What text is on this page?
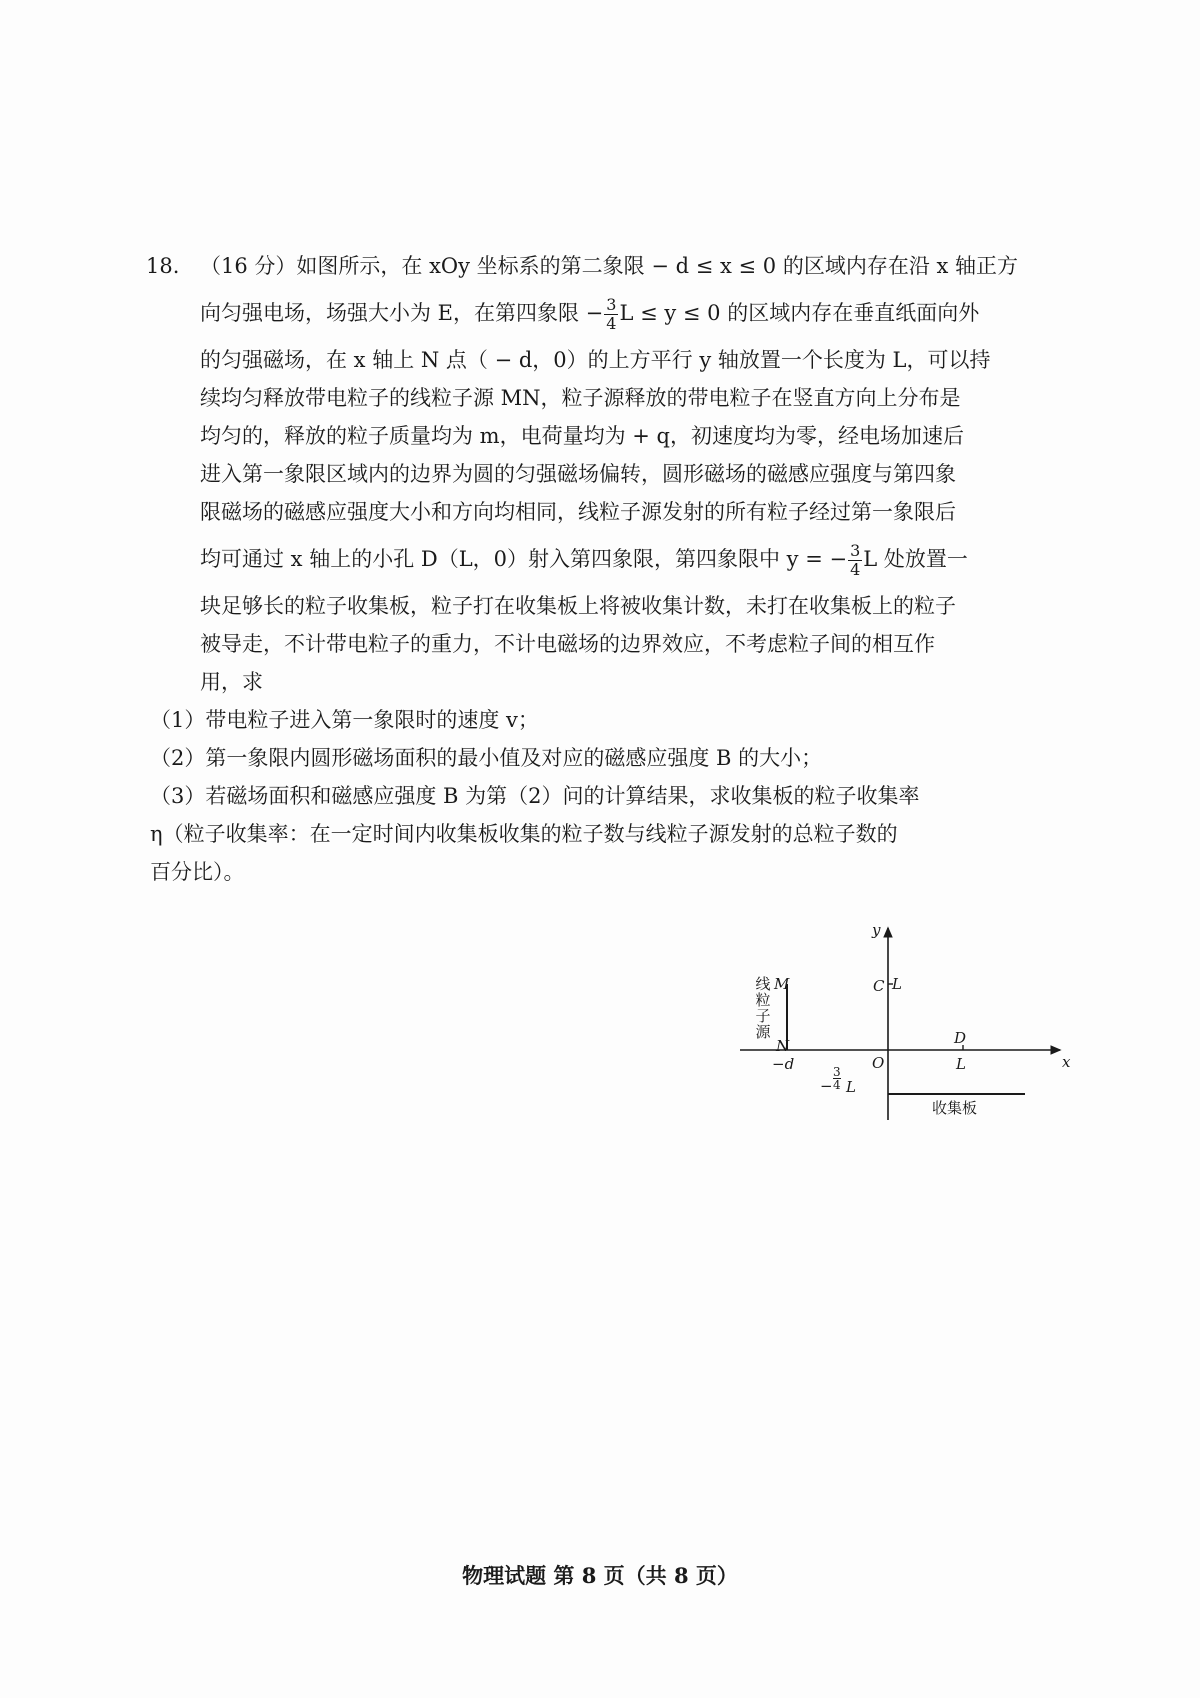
18. （16 分）如图所示，在 xOy 坐标系的第二象限 − d ≤ x ≤ 0 的区域内存在沿 x 轴正方
向匀强电场，场强大小为 E，在第四象限 − $\frac{3}{4}$ L ≤ y ≤ 0 的区域内存在垂直纸面向外
的匀强磁场，在 x 轴上 N 点（ − d，0）的上方平行 y 轴放置一个长度为 L，可以持
续均匀释放带电粒子的线粒子源 MN，粒子源释放的带电粒子在竖直方向上分布是
均匀的，释放的粒子质量均为 m，电荷量均为 + q，初速度均为零，经电场加速后
进入第一象限区域内的边界为圆的匀强磁场偏转，圆形磁场的磁感应强度与第四象
限磁场的磁感应强度大小和方向均相同，线粒子源发射的所有粒子经过第一象限后
均可通过 x 轴上的小孔 D（L，0）射入第四象限，第四象限中 y = − $\frac{3}{4}$ L 处放置一
块足够长的粒子收集板，粒子打在收集板上将被收集计数，未打在收集板上的粒子
被导走，不计带电粒子的重力，不计电磁场的边界效应，不考虑粒子间的相互作
用，求
（1）带电粒子进入第一象限时的速度 v；
（2）第一象限内圆形磁场面积的最小值及对应的磁感应强度 B 的大小；
（3）若磁场面积和磁感应强度 B 为第（2）问的计算结果，求收集板的粒子收集率
η（粒子收集率：在一定时间内收集板收集的粒子数与线粒子源发射的总粒子数的
百分比）。
y
x
O
C L
M
N
线粒子源
−d
D
L
− $\frac{3}{4}$ L
收集板
物理试题 第 8 页（共 8 页）
